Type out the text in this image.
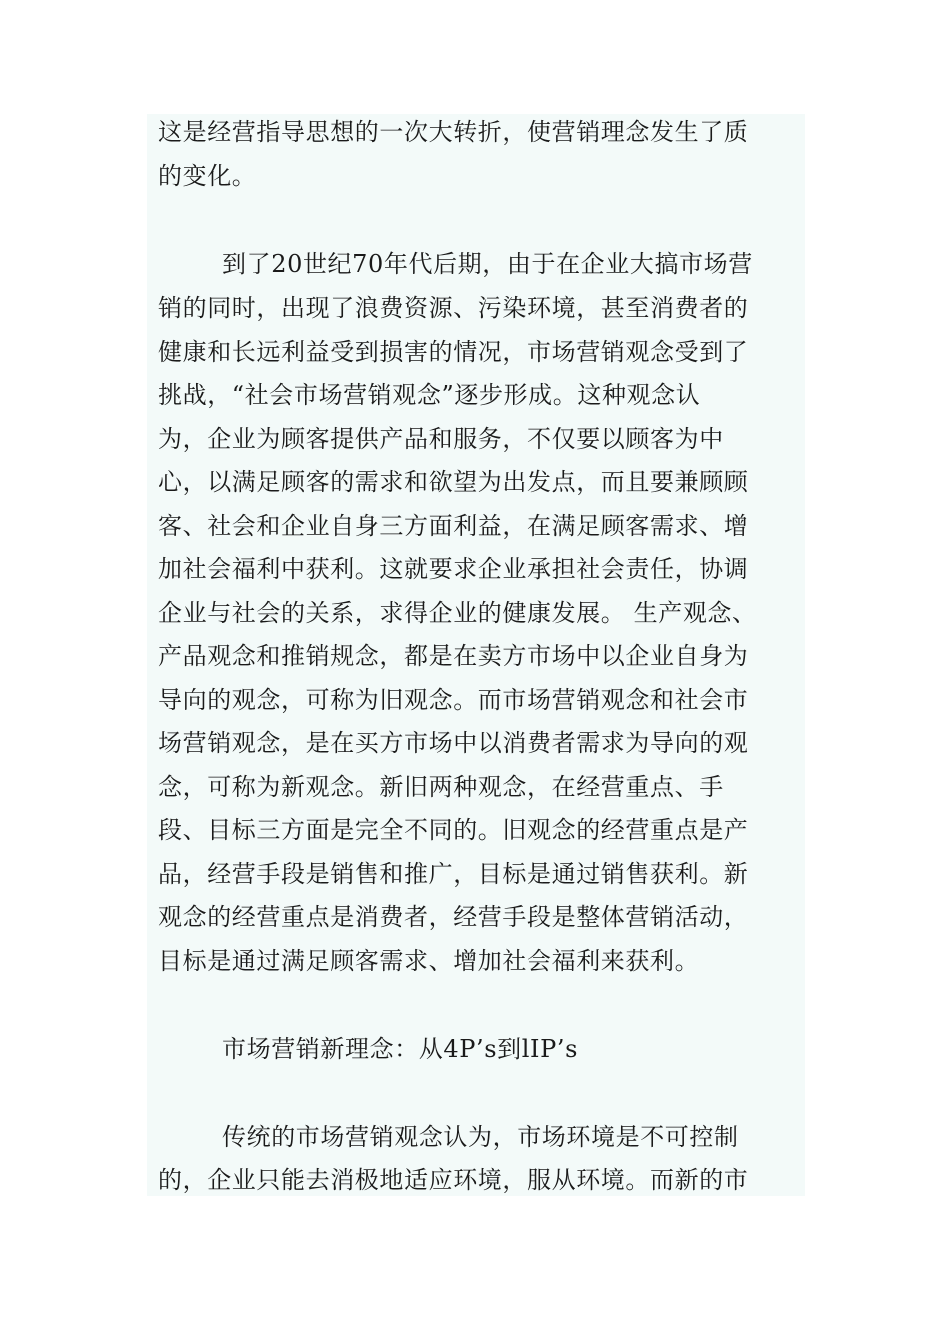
这是经营指导思想的一次大转折，使营销理念发生了质
的变化。
到了20世纪70年代后期，由于在企业大搞市场营
销的同时，出现了浪费资源、污染环境，甚至消费者的
健康和长远利益受到损害的情况，市场营销观念受到了
挑战，“社会市场营销观念”逐步形成。这种观念认
为，企业为顾客提供产品和服务，不仅要以顾客为中
心，以满足顾客的需求和欲望为出发点，而且要兼顾顾
客、社会和企业自身三方面利益，在满足顾客需求、增
加社会福利中获利。这就要求企业承担社会责任，协调
企业与社会的关系，求得企业的健康发展。 生产观念、
产品观念和推销规念，都是在卖方市场中以企业自身为
导向的观念，可称为旧观念。而市场营销观念和社会市
场营销观念，是在买方市场中以消费者需求为导向的观
念，可称为新观念。新旧两种观念，在经营重点、手
段、目标三方面是完全不同的。旧观念的经营重点是产
品，经营手段是销售和推广，目标是通过销售获利。新
观念的经营重点是消费者，经营手段是整体营销活动，
目标是通过满足顾客需求、增加社会福利来获利。
市场营销新理念：从4P’s到lIP’s
传统的市场营销观念认为，市场环境是不可控制
的，企业只能去消极地适应环境，服从环境。而新的市
